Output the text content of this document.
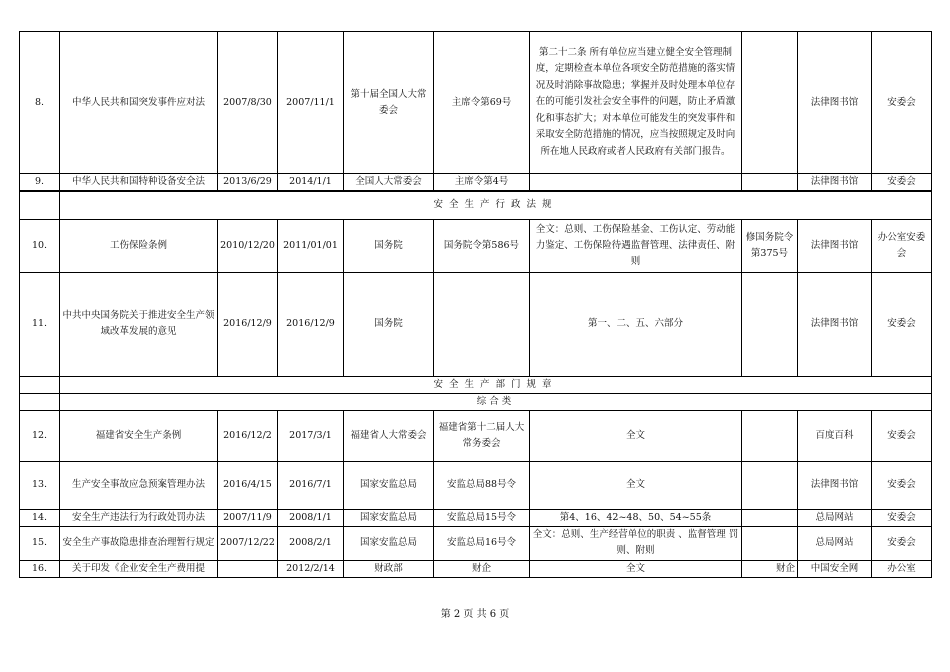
8.	中华人民共和国突发事件应对法	2007/8/30	2007/11/1	第十届全国人大常委会	主席令第69号	第二十二条 所有单位应当建立健全安全管理制度，定期检查本单位各项安全防范措施的落实情况及时消除事故隐患；掌握并及时处理本单位存在的可能引发社会安全事件的问题，防止矛盾激化和事态扩大；对本单位可能发生的突发事件和采取安全防范措施的情况，应当按照规定及时向所在地人民政府或者人民政府有关部门报告。		法律图书馆	安委会
9.	中华人民共和国特种设备安全法	2013/6/29	2014/1/1	全国人大常委会	主席令第4号			法律图书馆	安委会
	安全生产行政法规								
10.	工伤保险条例	2010/12/20	2011/01/01	国务院	国务院令第586号	全文：总则、工伤保险基金、工伤认定、劳动能力鉴定、工伤保险待遇监督管理、法律责任、附则	修国务院令第375号	法律图书馆	办公室安委会
11.	中共中央国务院关于推进安全生产领域改革发展的意见	2016/12/9	2016/12/9	国务院		第一、二、五、六部分		法律图书馆	安委会
	安全生产部门规章								
	综合类								
12.	福建省安全生产条例	2016/12/2	2017/3/1	福建省人大常委会	福建省第十二届人大常务委会	全文		百度百科	安委会
13.	生产安全事故应急预案管理办法	2016/4/15	2016/7/1	国家安监总局	安监总局88号令	全文		法律图书馆	安委会
14.	安全生产违法行为行政处罚办法	2007/11/9	2008/1/1	国家安监总局	安监总局15号令	第4、16、42~48、50、54~55条		总局网站	安委会
15.	安全生产事故隐患排查治理暂行规定	2007/12/22	2008/2/1	国家安监总局	安监总局16号令	全文：总则、生产经营单位的职责 、监督管理 罚则、附则		总局网站	安委会
16.	关于印发《企业安全生产费用提		2012/2/14	财政部	财企	全文	财企	中国安全网	办公室
第 2 页 共 6 页
